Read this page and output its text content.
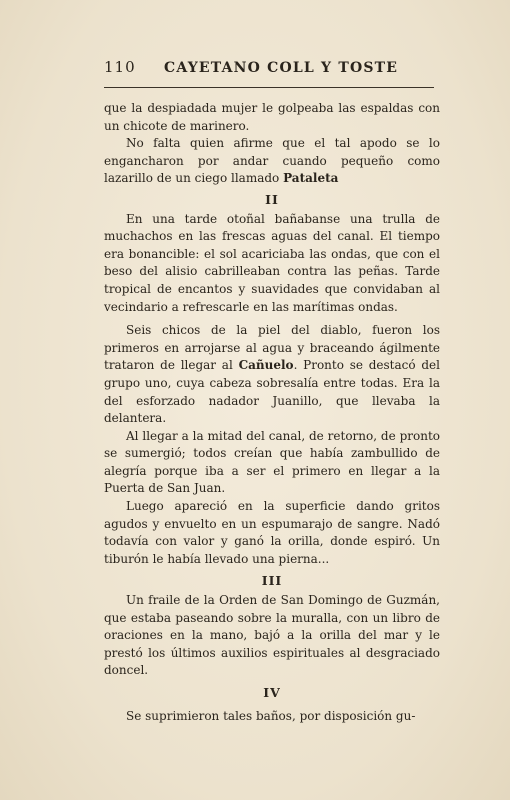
110	CAYETANO COLL Y TOSTE

que la despiadada mujer le golpeaba las espaldas con un chicote de marinero.

No falta quien afirme que el tal apodo se lo engancharon por andar cuando pequeño como lazarillo de un ciego llamado Pataleta

II

En una tarde otoñal bañabanse una trulla de muchachos en las frescas aguas del canal. El tiempo era bonancible: el sol acariciaba las ondas, que con el beso del alisio cabrilleaban contra las peñas. Tarde tropical de encantos y suavidades que convidaban al vecindario a refrescarle en las marítimas ondas.

Seis chicos de la piel del diablo, fueron los primeros en arrojarse al agua y braceando ágilmente trataron de llegar al Cañuelo. Pronto se destacó del grupo uno, cuya cabeza sobresalía entre todas. Era la del esforzado nadador Juanillo, que llevaba la delantera.

Al llegar a la mitad del canal, de retorno, de pronto se sumergió; todos creían que había zambullido de alegría porque iba a ser el primero en llegar a la Puerta de San Juan.

Luego apareció en la superficie dando gritos agudos y envuelto en un espumarajo de sangre. Nadó todavía con valor y ganó la orilla, donde espiró. Un tiburón le había llevado una pierna...

III

Un fraile de la Orden de San Domingo de Guzmán, que estaba paseando sobre la muralla, con un libro de oraciones en la mano, bajó a la orilla del mar y le prestó los últimos auxilios espirituales al desgraciado doncel.

IV

Se suprimieron tales baños, por disposición gu-
